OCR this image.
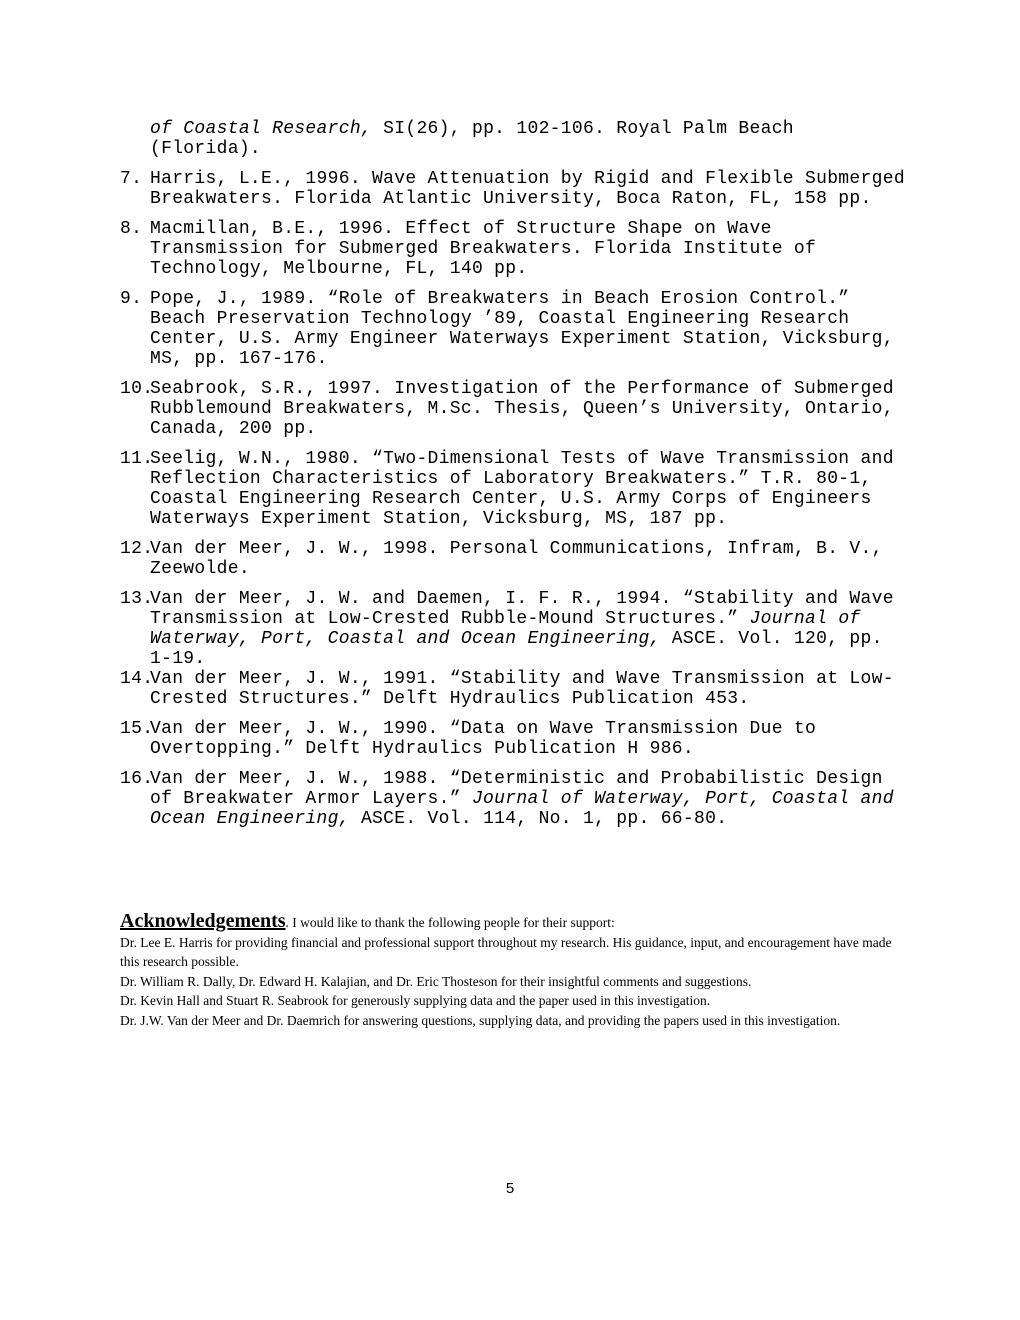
of Coastal Research, SI(26), pp. 102-106. Royal Palm Beach (Florida).
7. Harris, L.E., 1996. Wave Attenuation by Rigid and Flexible Submerged Breakwaters. Florida Atlantic University, Boca Raton, FL, 158 pp.
8. Macmillan, B.E., 1996. Effect of Structure Shape on Wave Transmission for Submerged Breakwaters. Florida Institute of Technology, Melbourne, FL, 140 pp.
9. Pope, J., 1989. “Role of Breakwaters in Beach Erosion Control.” Beach Preservation Technology ’89, Coastal Engineering Research Center, U.S. Army Engineer Waterways Experiment Station, Vicksburg, MS, pp. 167-176.
10.
Seabrook, S.R., 1997. Investigation of the Performance of Submerged Rubblemound Breakwaters, M.Sc. Thesis, Queen’s University, Ontario, Canada, 200 pp.
11.
Seelig, W.N., 1980. “Two-Dimensional Tests of Wave Transmission and Reflection Characteristics of Laboratory Breakwaters.” T.R. 80-1, Coastal Engineering Research Center, U.S. Army Corps of Engineers Waterways Experiment Station, Vicksburg, MS, 187 pp.
12.
Van der Meer, J. W., 1998. Personal Communications, Infram, B. V., Zeewolde.
13.
Van der Meer, J. W. and Daemen, I. F. R., 1994. “Stability and Wave Transmission at Low-Crested Rubble-Mound Structures.” Journal of Waterway, Port, Coastal and Ocean Engineering, ASCE. Vol. 120, pp. 1-19.
14.
Van der Meer, J. W., 1991. “Stability and Wave Transmission at Low-Crested Structures.” Delft Hydraulics Publication 453.
15.
Van der Meer, J. W., 1990. “Data on Wave Transmission Due to Overtopping.” Delft Hydraulics Publication H 986.
16.
Van der Meer, J. W., 1988. “Deterministic and Probabilistic Design of Breakwater Armor Layers.” Journal of Waterway, Port, Coastal and Ocean Engineering, ASCE. Vol. 114, No. 1, pp. 66-80.

Acknowledgements. I would like to thank the following people for their support:

Dr. Lee E. Harris for providing financial and professional support throughout my research. His guidance, input, and encouragement have made this research possible.

Dr. William R. Dally, Dr. Edward H. Kalajian, and Dr. Eric Thosteson for their insightful comments and suggestions.

Dr. Kevin Hall and Stuart R. Seabrook for generously supplying data and the paper used in this investigation.

Dr. J.W. Van der Meer and Dr. Daemrich for answering questions, supplying data, and providing the papers used in this investigation.

5
